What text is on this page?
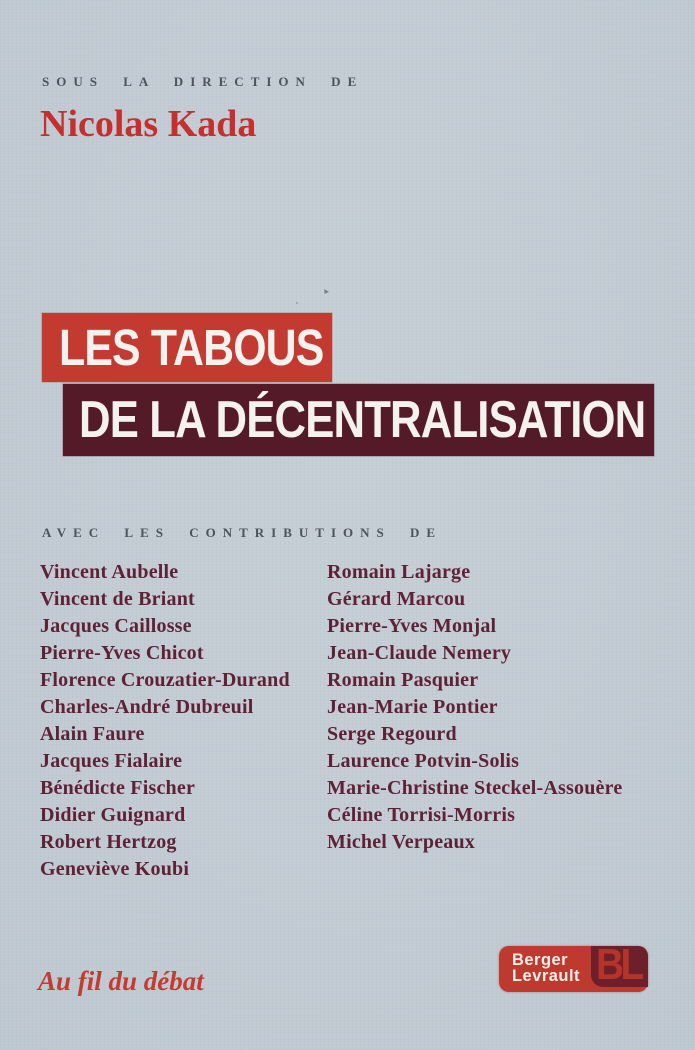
SOUS LA DIRECTION DE
Nicolas Kada
LES TABOUS
DE LA DÉCENTRALISATION
AVEC LES CONTRIBUTIONS DE
Vincent Aubelle
Vincent de Briant
Jacques Caillosse
Pierre-Yves Chicot
Florence Crouzatier-Durand
Charles-André Dubreuil
Alain Faure
Jacques Fialaire
Bénédicte Fischer
Didier Guignard
Robert Hertzog
Geneviève Koubi
Romain Lajarge
Gérard Marcou
Pierre-Yves Monjal
Jean-Claude Nemery
Romain Pasquier
Jean-Marie Pontier
Serge Regourd
Laurence Potvin-Solis
Marie-Christine Steckel-Assouère
Céline Torrisi-Morris
Michel Verpeaux
Au fil du débat
Berger
Levrault BL
